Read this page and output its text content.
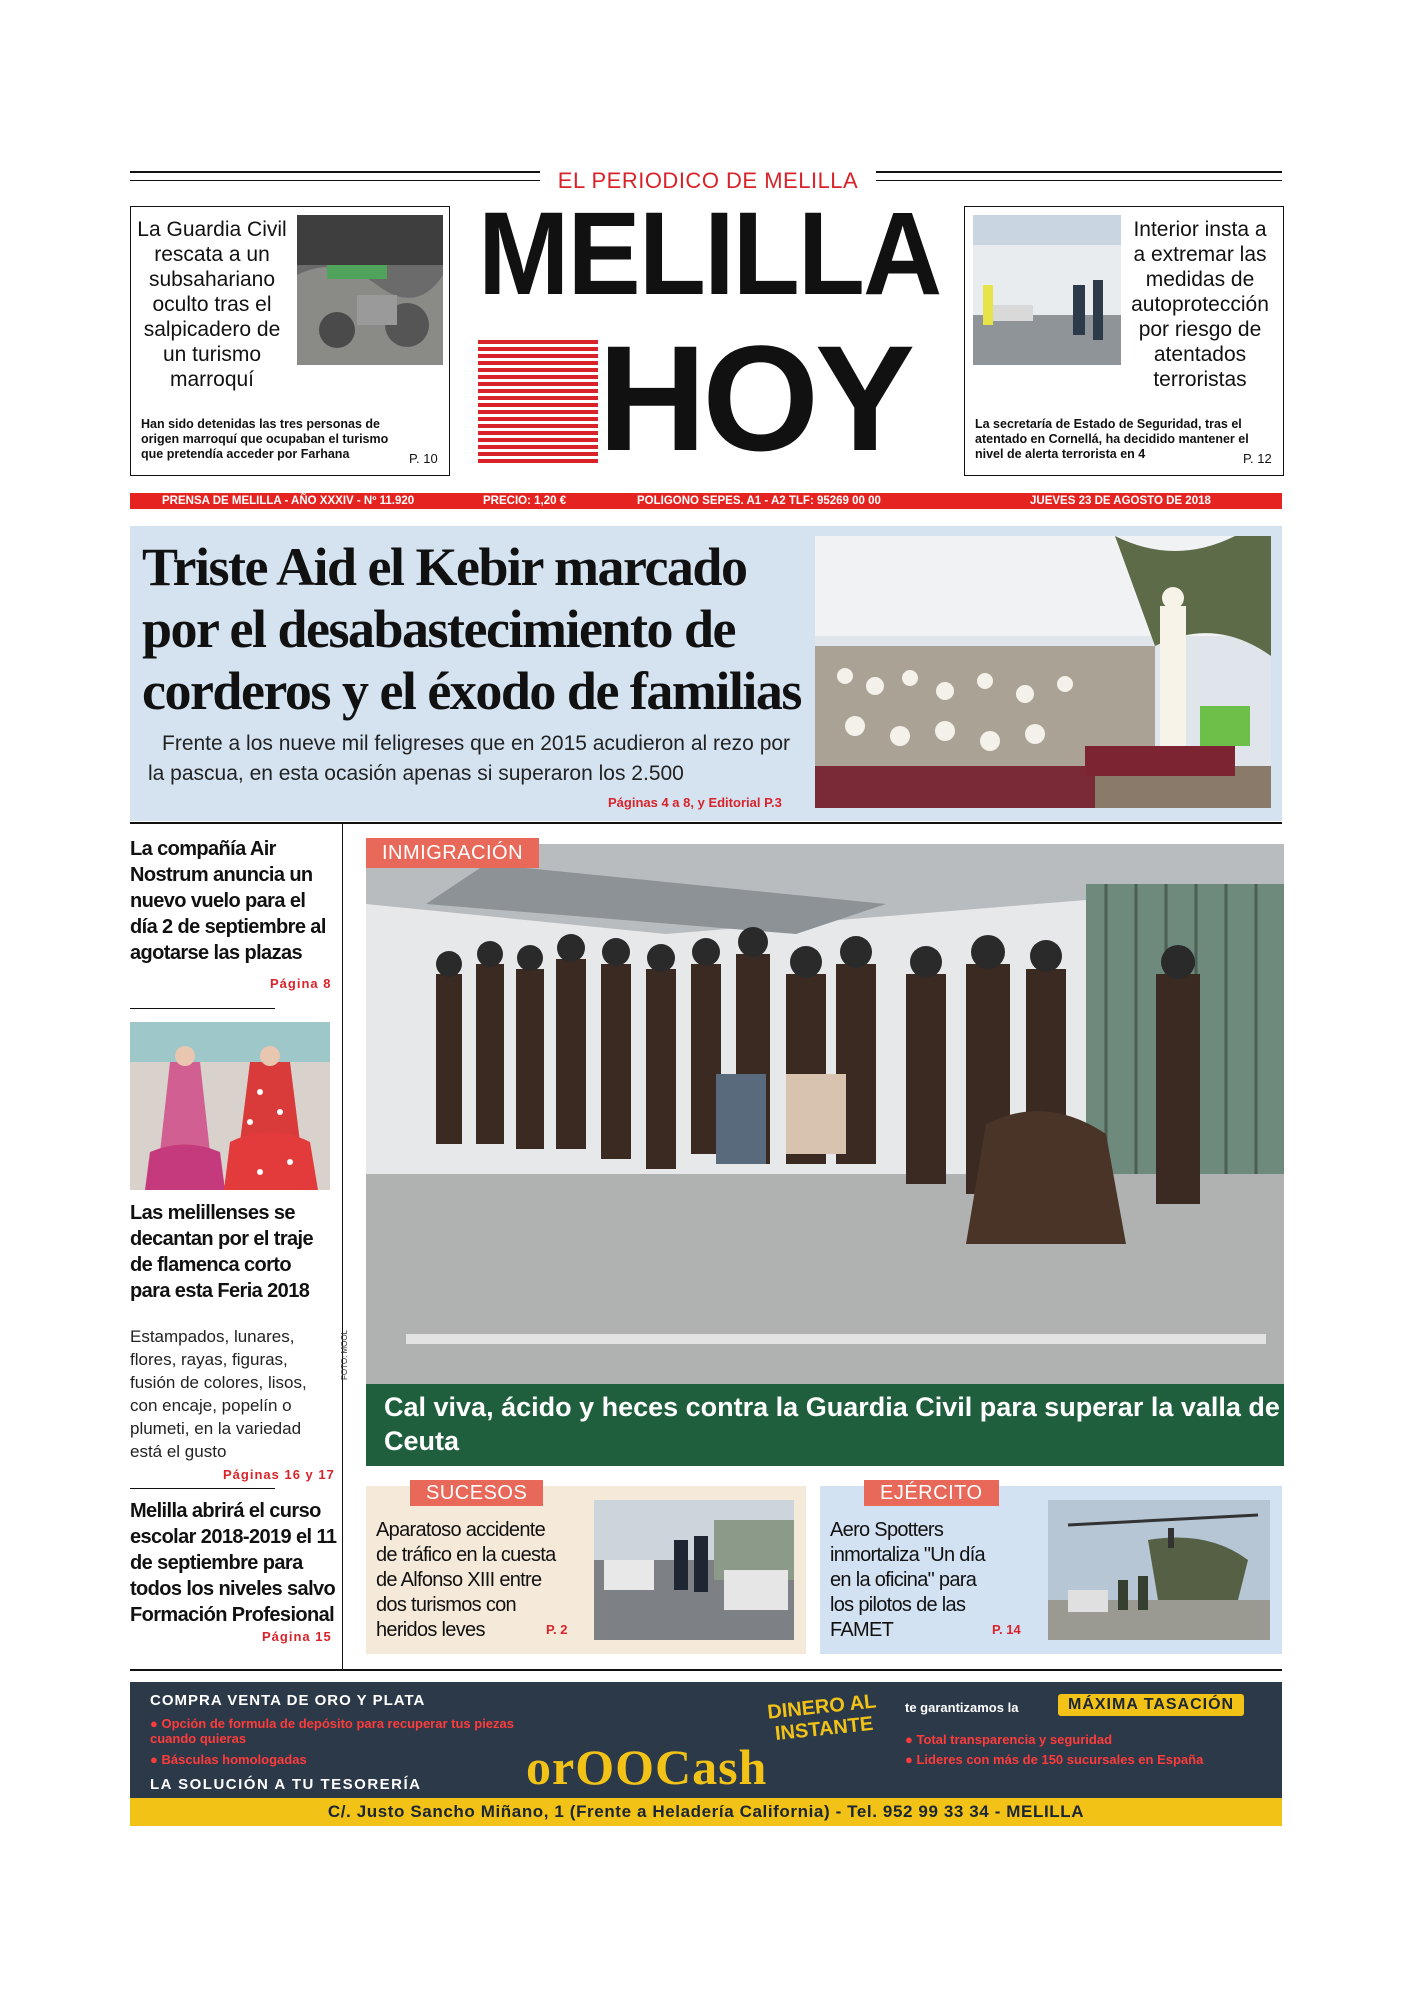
EL PERIODICO DE MELILLA
MELILLA
HOY
La Guardia Civil rescata a un subsahariano oculto tras el salpicadero de un turismo marroquí
Han sido detenidas las tres personas de origen marroquí que ocupaban el turismo que pretendía acceder por Farhana	P. 10
Interior insta a a extremar las medidas de autoprotección por riesgo de atentados terroristas
La secretaría de Estado de Seguridad, tras el atentado en Cornellá, ha decidido mantener el nivel de alerta terrorista en 4	P. 12
PRENSA DE MELILLA - AÑO XXXIV - Nº 11.920	PRECIO: 1,20 €	POLIGONO SEPES. A1 - A2 TLF: 95269 00 00	JUEVES 23 DE AGOSTO DE 2018
Triste Aid el Kebir marcado por el desabastecimiento de corderos y el éxodo de familias
Frente a los nueve mil feligreses que en 2015 acudieron al rezo por la pascua, en esta ocasión apenas si superaron los 2.500
Páginas 4 a 8, y Editorial P.3
La compañía Air Nostrum anuncia un nuevo vuelo para el día 2 de septiembre al agotarse las plazas
Página 8
Las melillenses se decantan por el traje de flamenca corto para esta Feria 2018
Estampados, lunares, flores, rayas, figuras, fusión de colores, lisos, con encaje, popelín o plumeti, en la variedad está el gusto
Páginas 16 y 17
Melilla abrirá el curso escolar 2018-2019 el 11 de septiembre para todos los niveles salvo Formación Profesional
Página 15
INMIGRACIÓN
FOTO: MOOL
Cal viva, ácido y heces contra la Guardia Civil para superar la valla de Ceuta
SUCESOS
Aparatoso accidente de tráfico en la cuesta de Alfonso XIII entre dos turismos con heridos leves	P. 2
EJÉRCITO
Aero Spotters inmortaliza "Un día en la oficina" para los pilotos de las FAMET	P. 14
COMPRA VENTA DE ORO Y PLATA
● Opción de formula de depósito para recuperar tus piezas cuando quieras
● Básculas homologadas
LA SOLUCIÓN A TU TESORERÍA
DINERO AL INSTANTE
orOOCash
te garantizamos la	MÁXIMA TASACIÓN
● Total transparencia y seguridad
● Lideres con más de 150 sucursales en España
C/. Justo Sancho Miñano, 1 (Frente a Heladería California) - Tel. 952 99 33 34 - MELILLA
